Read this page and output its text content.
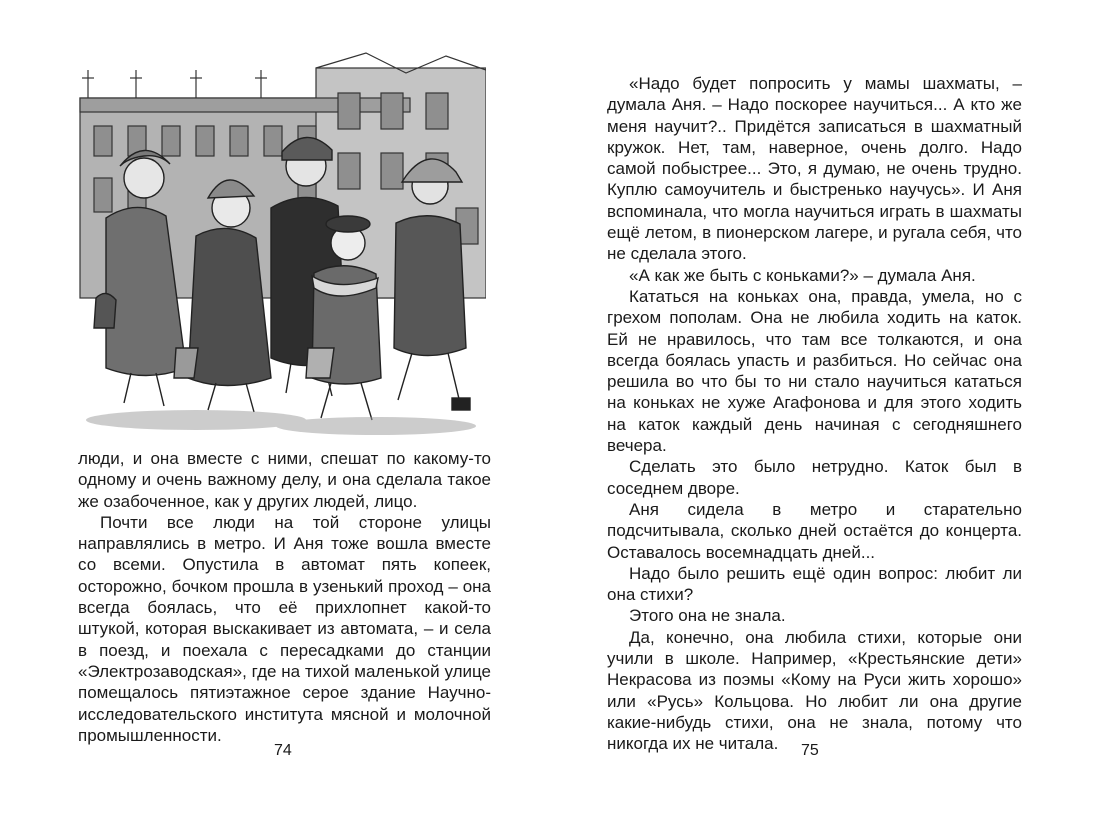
люди, и она вместе с ними, спешат по какому-то одному и очень важному делу, и она сделала такое же озабоченное, как у других людей, лицо.

Почти все люди на той стороне улицы направлялись в метро. И Аня тоже вошла вместе со всеми. Опустила в автомат пять копеек, осторожно, бочком прошла в узенький проход – она всегда боялась, что её прихлопнет какой-то штукой, которая выскакивает из автомата, – и села в поезд, и поехала с пересадками до станции «Электрозаводская», где на тихой маленькой улице помещалось пятиэтажное серое здание Научно-исследовательского института мясной и молочной промышленности.

74

«Надо будет попросить у мамы шахматы, – думала Аня. – Надо поскорее научиться... А кто же меня научит?.. Придётся записаться в шахматный кружок. Нет, там, наверное, очень долго. Надо самой побыстрее... Это, я думаю, не очень трудно. Куплю самоучитель и быстренько научусь». И Аня вспоминала, что могла научиться играть в шахматы ещё летом, в пионерском лагере, и ругала себя, что не сделала этого.

«А как же быть с коньками?» – думала Аня.

Кататься на коньках она, правда, умела, но с грехом пополам. Она не любила ходить на каток. Ей не нравилось, что там все толкаются, и она всегда боялась упасть и разбиться. Но сейчас она решила во что бы то ни стало научиться кататься на коньках не хуже Агафонова и для этого ходить на каток каждый день начиная с сегодняшнего вечера.

Сделать это было нетрудно. Каток был в соседнем дворе.

Аня сидела в метро и старательно подсчитывала, сколько дней остаётся до концерта. Оставалось восемнадцать дней...

Надо было решить ещё один вопрос: любит ли она стихи?

Этого она не знала.

Да, конечно, она любила стихи, которые они учили в школе. Например, «Крестьянские дети» Некрасова из поэмы «Кому на Руси жить хорошо» или «Русь» Кольцова. Но любит ли она другие какие-нибудь стихи, она не знала, потому что никогда их не читала.	75
